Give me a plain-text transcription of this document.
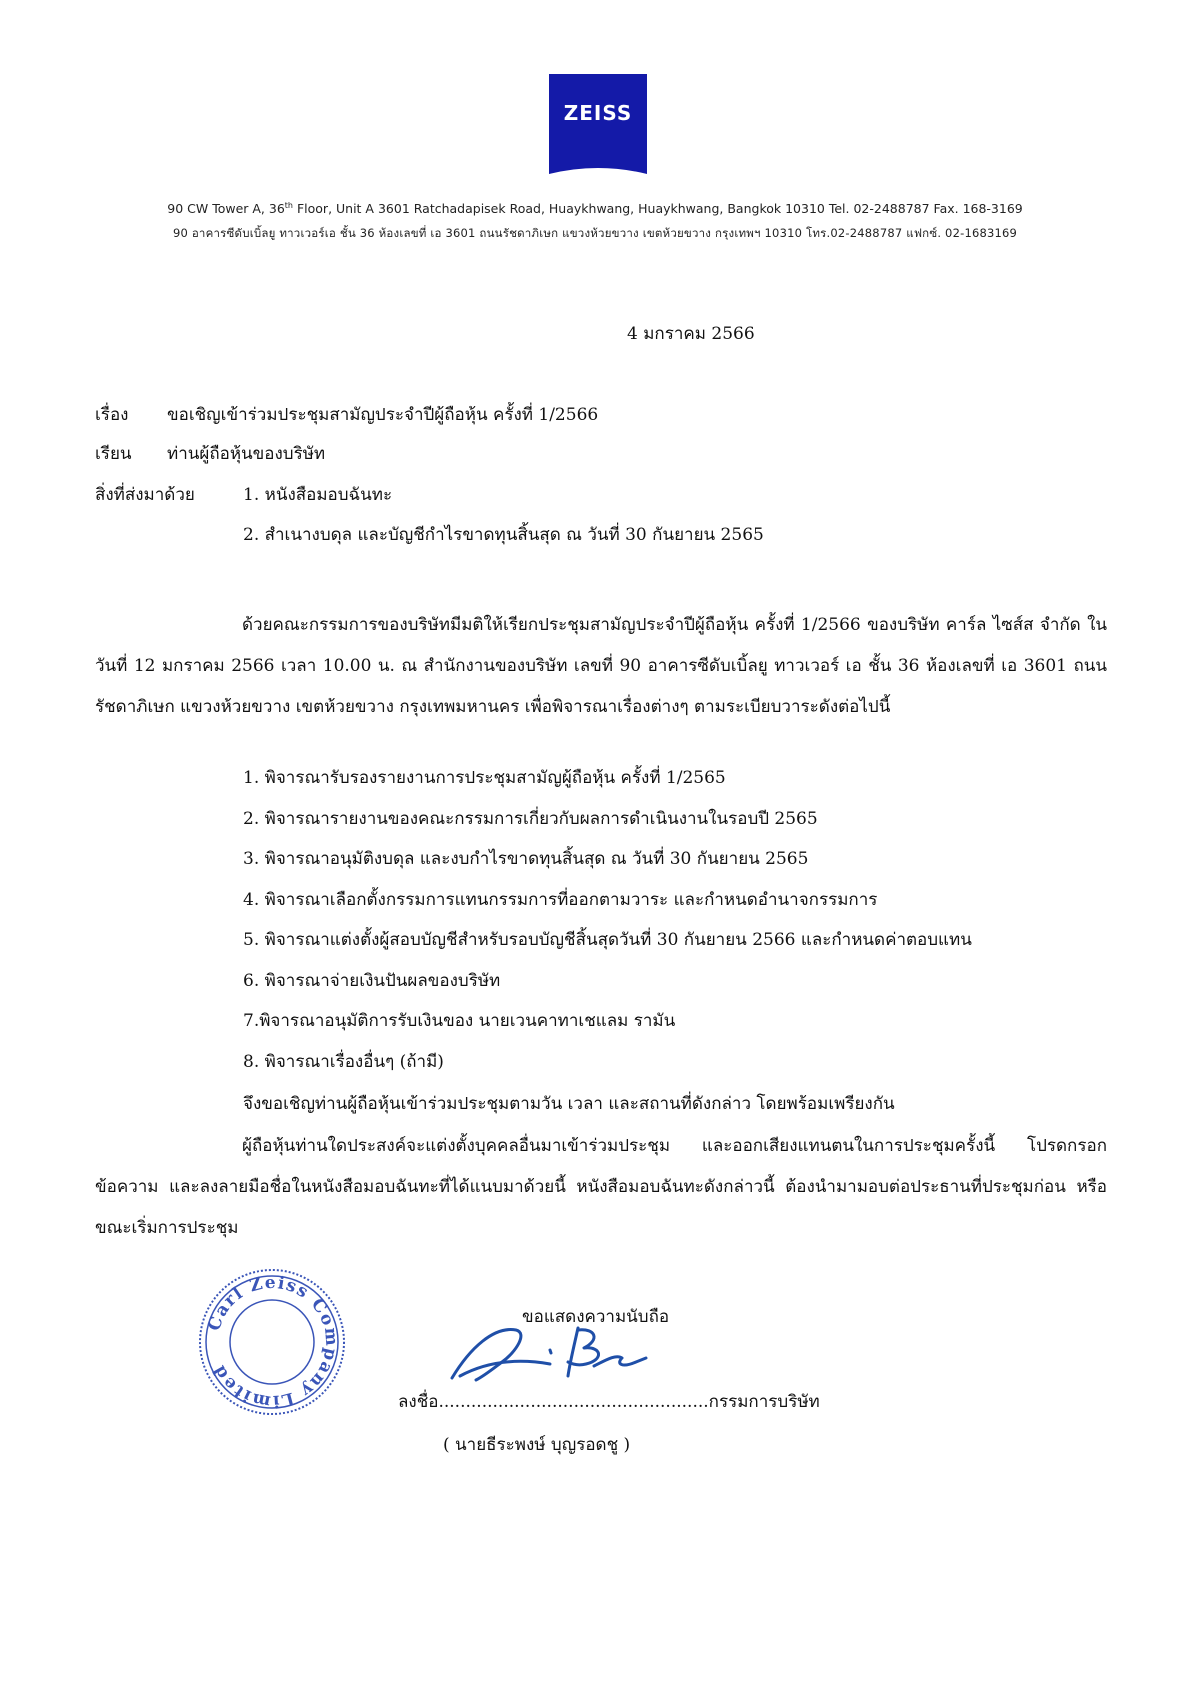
ZEISS
90 CW Tower A, 36th Floor, Unit A 3601 Ratchadapisek Road, Huaykhwang, Huaykhwang, Bangkok 10310 Tel. 02-2488787 Fax. 168-3169
90 อาคารซีดับเบิ้ลยู ทาวเวอร์เอ ชั้น 36 ห้องเลขที่ เอ 3601 ถนนรัชดาภิเษก แขวงห้วยขวาง เขตห้วยขวาง กรุงเทพฯ 10310 โทร.02-2488787 แฟกซ์. 02-1683169
4 มกราคม 2566
เรื่อง ขอเชิญเข้าร่วมประชุมสามัญประจำปีผู้ถือหุ้น ครั้งที่ 1/2566
เรียน ท่านผู้ถือหุ้นของบริษัท
สิ่งที่ส่งมาด้วย	1. หนังสือมอบฉันทะ
2. สำเนางบดุล และบัญชีกำไรขาดทุนสิ้นสุด ณ วันที่ 30 กันยายน 2565
ด้วยคณะกรรมการของบริษัทมีมติให้เรียกประชุมสามัญประจำปีผู้ถือหุ้น ครั้งที่ 1/2566 ของบริษัท คาร์ล ไซส์ส จำกัด ในวันที่ 12 มกราคม 2566 เวลา 10.00 น. ณ สำนักงานของบริษัท เลขที่ 90 อาคารซีดับเบิ้ลยู ทาวเวอร์ เอ ชั้น 36 ห้องเลขที่ เอ 3601 ถนนรัชดาภิเษก แขวงห้วยขวาง เขตห้วยขวาง กรุงเทพมหานคร เพื่อพิจารณาเรื่องต่างๆ ตามระเบียบวาระดังต่อไปนี้
1. พิจารณารับรองรายงานการประชุมสามัญผู้ถือหุ้น ครั้งที่ 1/2565
2. พิจารณารายงานของคณะกรรมการเกี่ยวกับผลการดำเนินงานในรอบปี 2565
3. พิจารณาอนุมัติงบดุล และงบกำไรขาดทุนสิ้นสุด ณ วันที่ 30 กันยายน 2565
4. พิจารณาเลือกตั้งกรรมการแทนกรรมการที่ออกตามวาระ และกำหนดอำนาจกรรมการ
5. พิจารณาแต่งตั้งผู้สอบบัญชีสำหรับรอบบัญชีสิ้นสุดวันที่ 30 กันยายน 2566 และกำหนดค่าตอบแทน
6. พิจารณาจ่ายเงินปันผลของบริษัท
7.พิจารณาอนุมัติการรับเงินของ นายเวนคาทาเชแลม รามัน
8. พิจารณาเรื่องอื่นๆ (ถ้ามี)
จึงขอเชิญท่านผู้ถือหุ้นเข้าร่วมประชุมตามวัน เวลา และสถานที่ดังกล่าว โดยพร้อมเพรียงกัน
ผู้ถือหุ้นท่านใดประสงค์จะแต่งตั้งบุคคลอื่นมาเข้าร่วมประชุม และออกเสียงแทนตนในการประชุมครั้งนี้ โปรดกรอกข้อความ และลงลายมือชื่อในหนังสือมอบฉันทะที่ได้แนบมาด้วยนี้ หนังสือมอบฉันทะดังกล่าวนี้ ต้องนำมามอบต่อประธานที่ประชุมก่อน หรือขณะเริ่มการประชุม
ขอแสดงความนับถือ
Carl Zeiss Company Limited
ลงชื่อ..................................................กรรมการบริษัท
( นายธีระพงษ์ บุญรอดชู )
